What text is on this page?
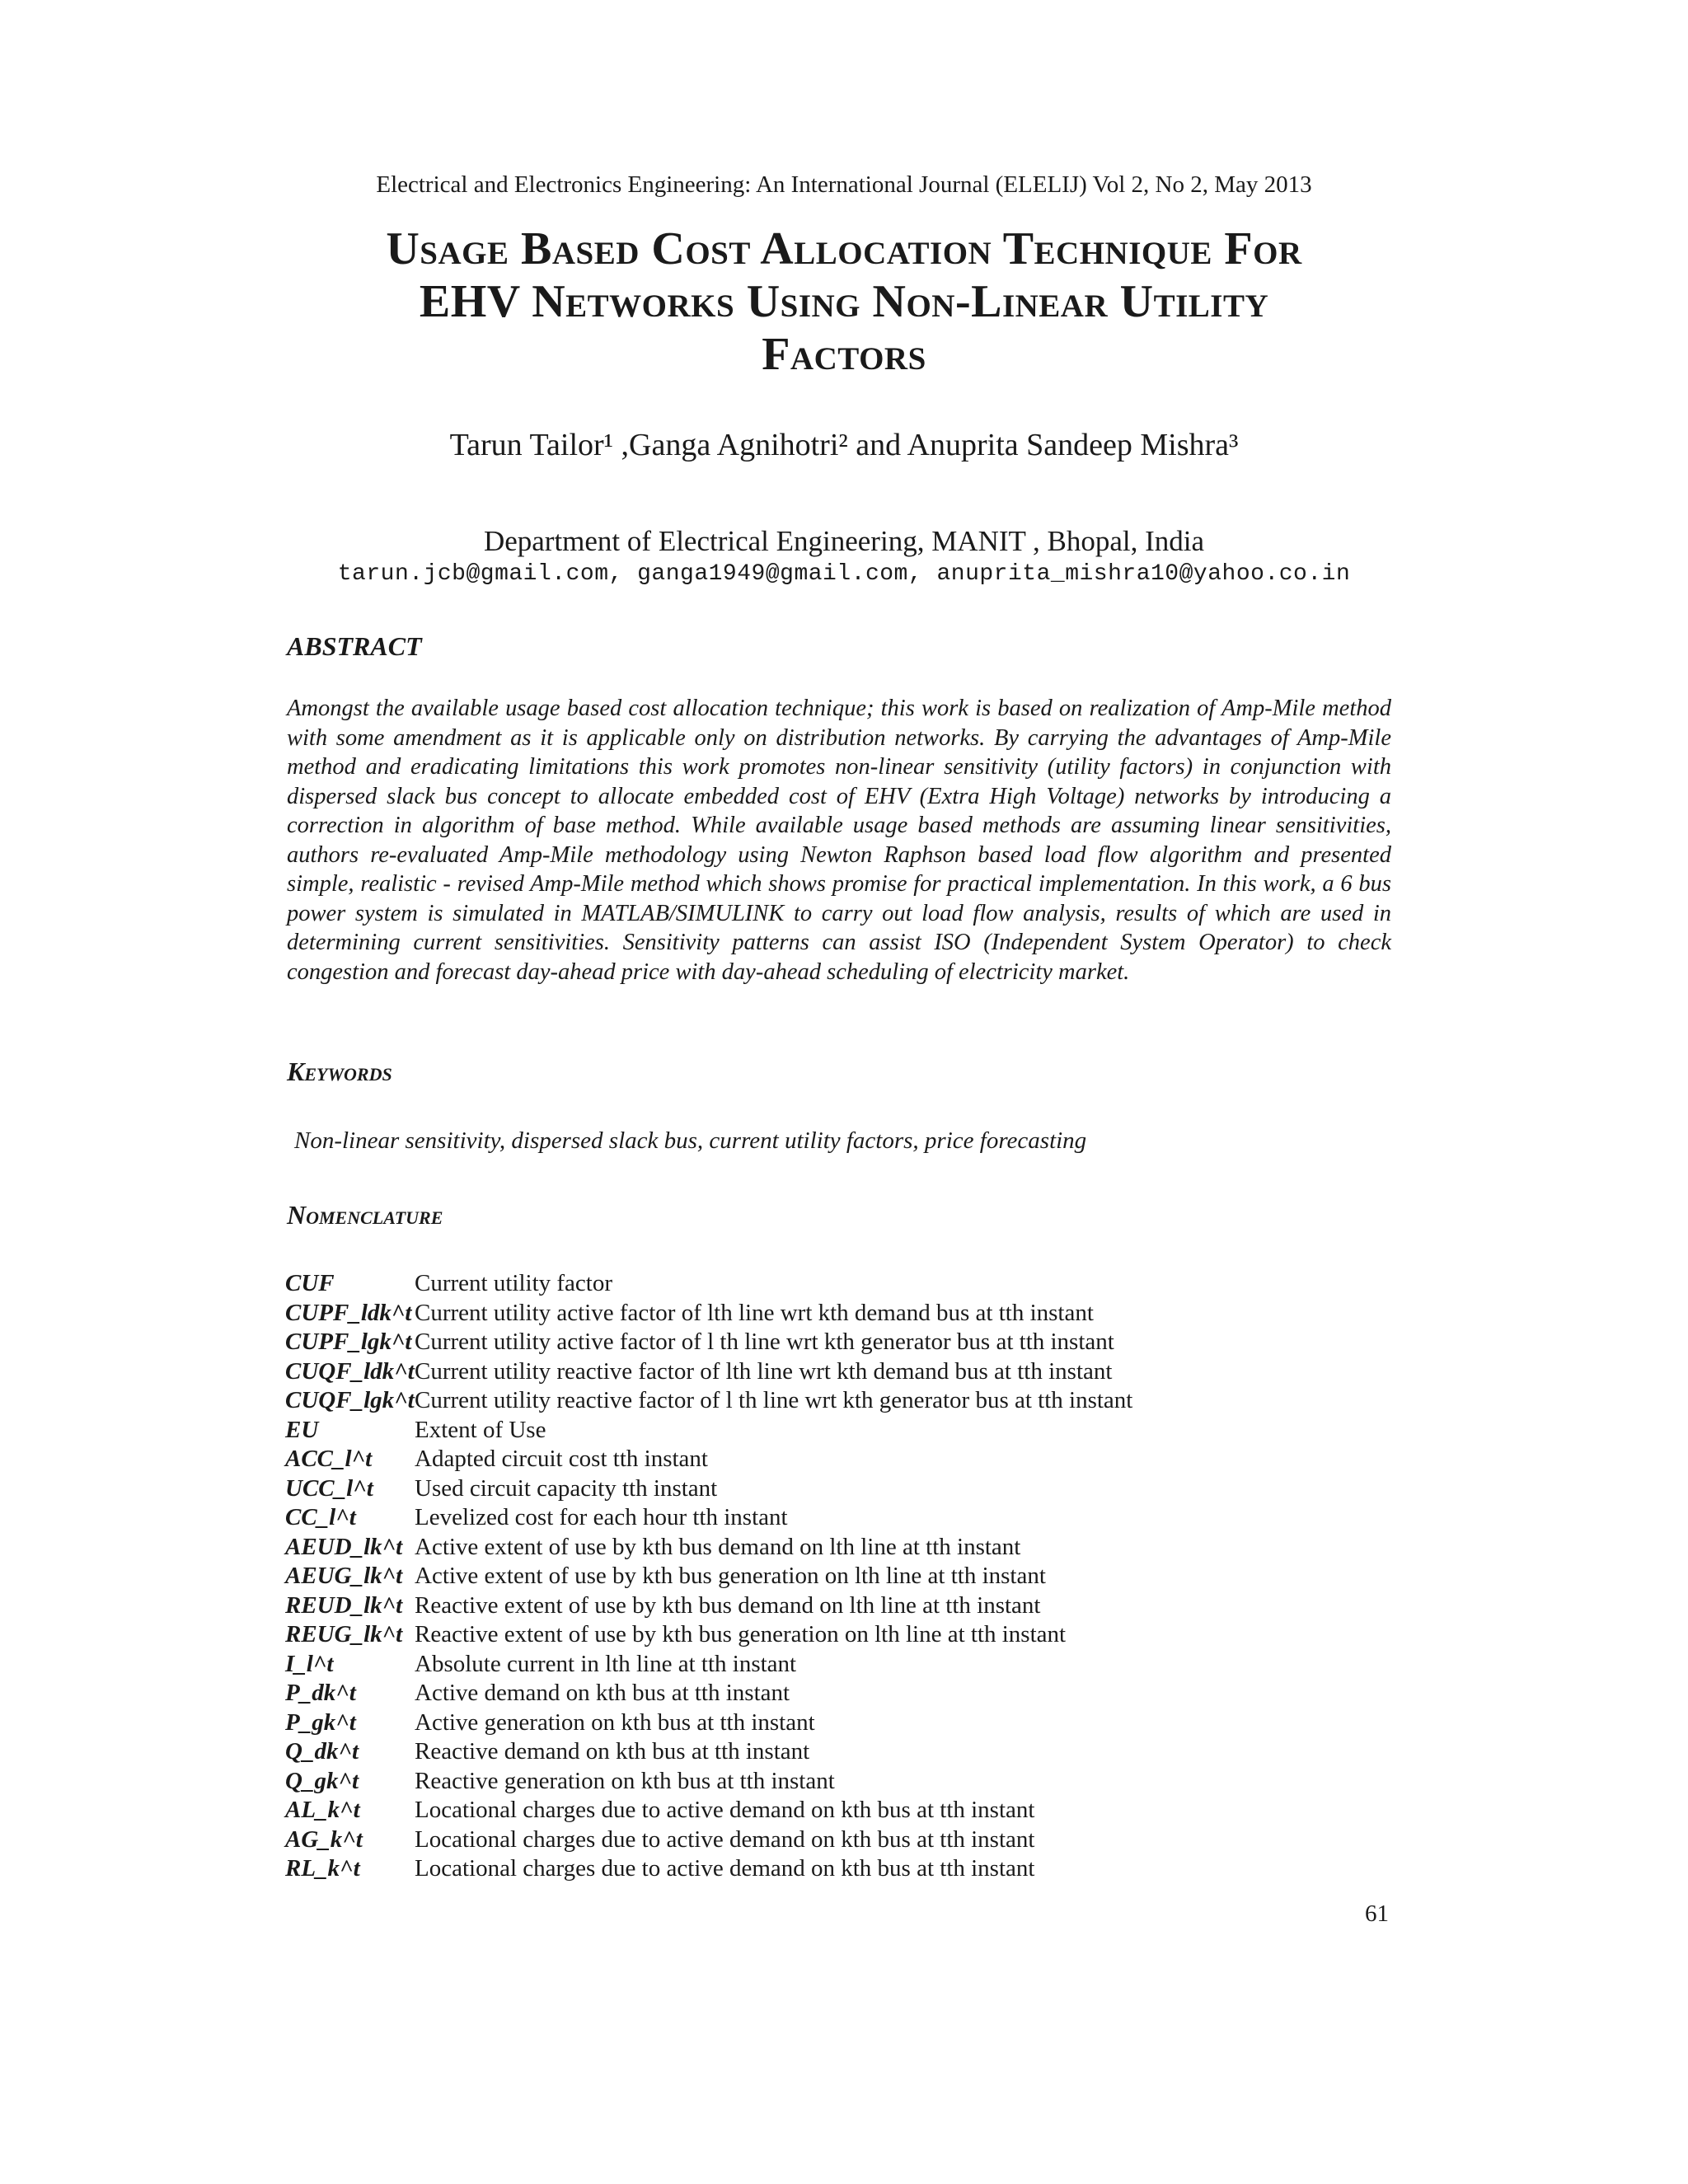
Electrical and Electronics Engineering: An International Journal (ELELIJ) Vol 2, No 2, May 2013
Usage Based Cost Allocation Technique For
EHV Networks Using Non-Linear Utility
Factors
Tarun Tailor¹ ,Ganga Agnihotri² and Anuprita Sandeep Mishra³
Department of Electrical Engineering, MANIT , Bhopal, India
tarun.jcb@gmail.com, ganga1949@gmail.com, anuprita_mishra10@yahoo.co.in
ABSTRACT
Amongst the available usage based cost allocation technique; this work is based on realization of Amp-Mile method with some amendment as it is applicable only on distribution networks. By carrying the advantages of Amp-Mile method and eradicating limitations this work promotes non-linear sensitivity (utility factors) in conjunction with dispersed slack bus concept to allocate embedded cost of EHV (Extra High Voltage) networks by introducing a correction in algorithm of base method. While available usage based methods are assuming linear sensitivities, authors re-evaluated Amp-Mile methodology using Newton Raphson based load flow algorithm and presented simple, realistic - revised Amp-Mile method which shows promise for practical implementation. In this work, a 6 bus power system is simulated in MATLAB/SIMULINK to carry out load flow analysis, results of which are used in determining current sensitivities. Sensitivity patterns can assist ISO (Independent System Operator) to check congestion and forecast day-ahead price with day-ahead scheduling of electricity market.
Keywords
Non-linear sensitivity, dispersed slack bus, current utility factors, price forecasting
Nomenclature
CUF	Current utility factor
CUPF_ldk^t Current utility active factor of lth line wrt kth demand bus at tth instant
CUPF_lgk^t Current utility active factor of l th line wrt kth generator bus at tth instant
CUQF_ldk^t Current utility reactive factor of lth line wrt kth demand bus at tth instant
CUQF_lgk^t Current utility reactive factor of l th line wrt kth generator bus at tth instant
EU	Extent of Use
ACC_l^t Adapted circuit cost tth instant
UCC_l^t Used circuit capacity tth instant
CC_l^t Levelized cost for each hour tth instant
AEUD_lk^t Active extent of use by kth bus demand on lth line at tth instant
AEUG_lk^t Active extent of use by kth bus generation on lth line at tth instant
REUD_lk^t Reactive extent of use by kth bus demand on lth line at tth instant
REUG_lk^t Reactive extent of use by kth bus generation on lth line at tth instant
I_l^t	Absolute current in lth line at tth instant
P_dk^t Active demand on kth bus at tth instant
P_gk^t Active generation on kth bus at tth instant
Q_dk^t Reactive demand on kth bus at tth instant
Q_gk^t Reactive generation on kth bus at tth instant
AL_k^t Locational charges due to active demand on kth bus at tth instant
AG_k^t Locational charges due to active demand on kth bus at tth instant
RL_k^t Locational charges due to active demand on kth bus at tth instant
61
